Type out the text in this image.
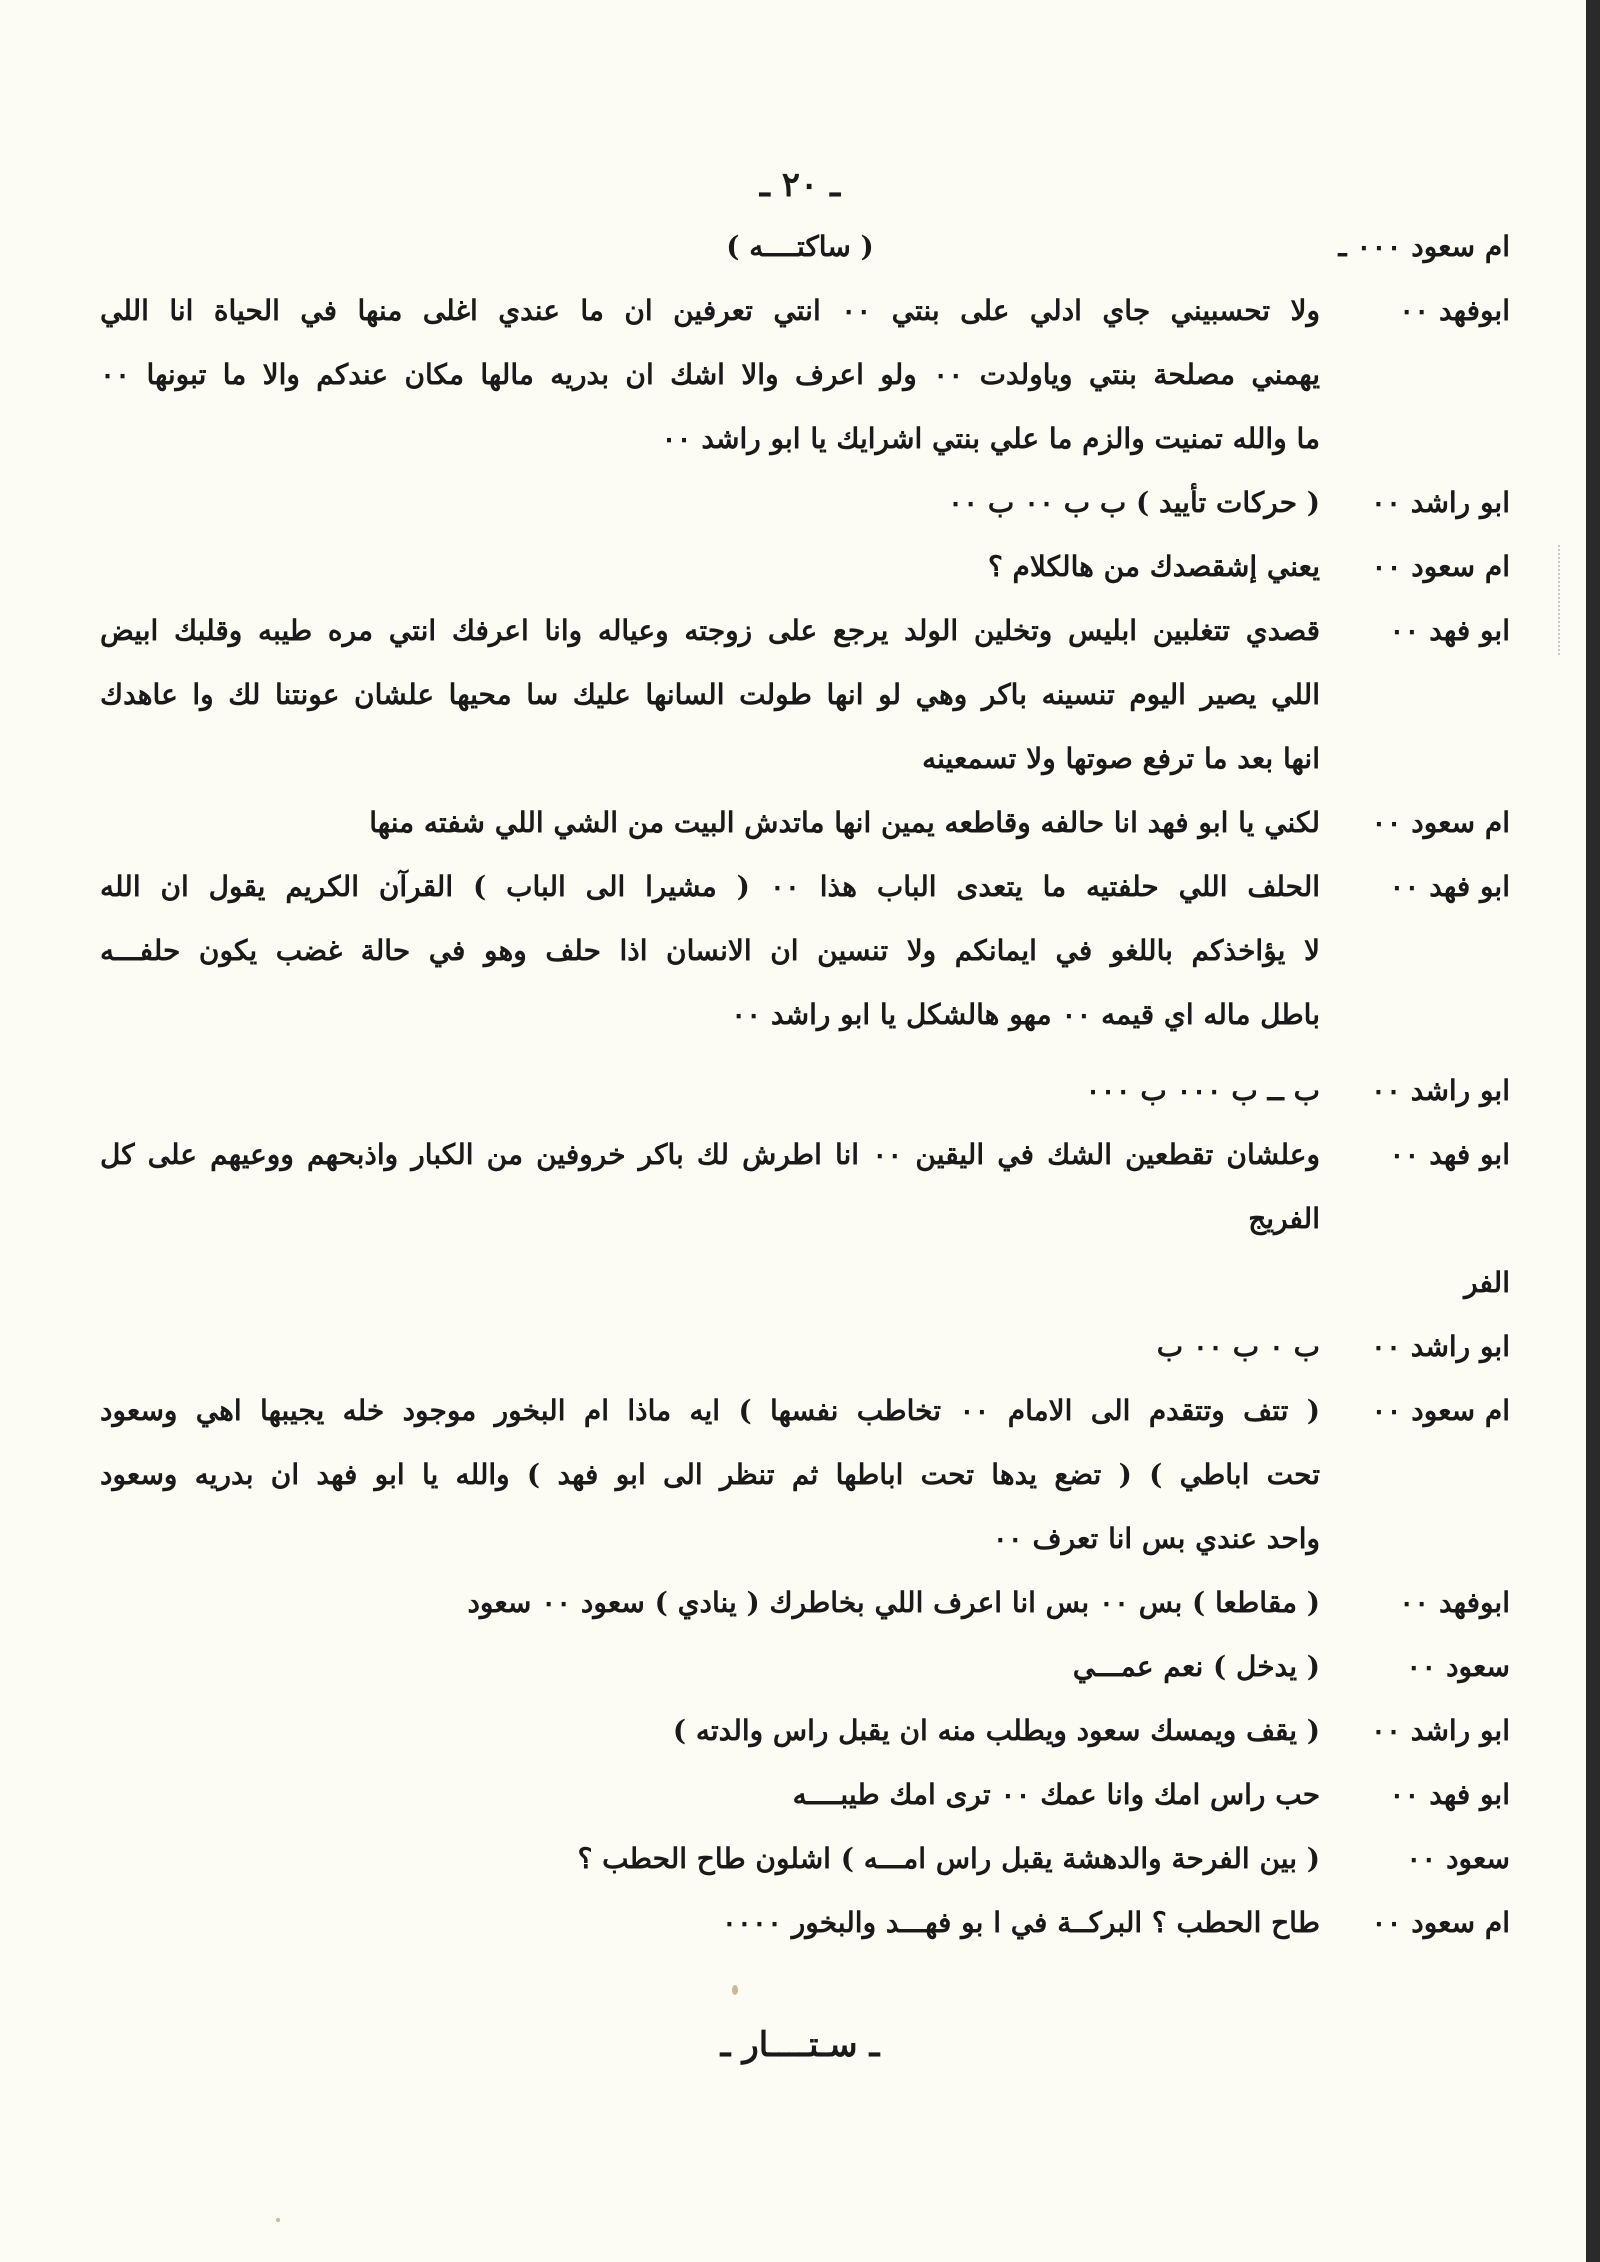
ـ ٢٠ ـ
ام سعود ٠٠٠ ـ
( ساكتــــه )
ابوفهد ٠٠
ولا تحسبيني جاي ادلي على بنتي ٠٠ انتي تعرفين ان ما عندي اغلى منها في الحياة انا اللي
يهمني مصلحة بنتي وياولدت ٠٠ ولو اعرف والا اشك ان بدريه مالها مكان عندكم والا ما تبونها ٠٠
ما والله تمنيت والزم ما علي بنتي اشرايك يا ابو راشد ٠٠
ابو راشد ٠٠
( حركات تأييد ) ب ب ٠٠ ب ٠٠
ام سعود ٠٠
يعني إشقصدك من هالكلام ؟
ابو فهد ٠٠
قصدي تتغلبين ابليس وتخلين الولد يرجع على زوجته وعياله وانا اعرفك انتي مره طيبه وقلبك ابيض
اللي يصير اليوم تنسينه باكر وهي لو انها طولت السانها عليك سا محيها علشان عونتنا لك وا عاهدك
انها بعد ما ترفع صوتها ولا تسمعينه
ام سعود ٠٠
لكني يا ابو فهد انا حالفه وقاطعه يمين انها ماتدش البيت من الشي اللي شفته منها
ابو فهد ٠٠
الحلف اللي حلفتيه ما يتعدى الباب هذا ٠٠ ( مشيرا الى الباب ) القرآن الكريم يقول ان الله
لا يؤاخذكم باللغو في ايمانكم ولا تنسين ان الانسان اذا حلف وهو في حالة غضب يكون حلفـــه
باطل ماله اي قيمه ٠٠ مهو هالشكل يا ابو راشد ٠٠
ابو راشد ٠٠
ب ــ ب ٠٠٠ ب ٠٠٠
ابو فهد ٠٠
وعلشان تقطعين الشك في اليقين ٠٠ انا اطرش لك باكر خروفين من الكبار واذبحهم ووعيهم على كل
الفريج
الفر
ابو راشد ٠٠
ب ٠ ب ٠٠ ب
ام سعود ٠٠
( تتف وتتقدم الى الامام ٠٠ تخاطب نفسها ) ايه ماذا ام البخور موجود خله يجيبها اهي وسعود
تحت اباطي ) ( تضع يدها تحت اباطها ثم تنظر الى ابو فهد ) والله يا ابو فهد ان بدريه وسعود
واحد عندي بس انا تعرف ٠٠
ابوفهد ٠٠
( مقاطعا ) بس ٠٠ بس انا اعرف اللي بخاطرك ( ينادي ) سعود ٠٠ سعود
سعود ٠٠
( يدخل ) نعم عمـــي
ابو راشد ٠٠
( يقف ويمسك سعود ويطلب منه ان يقبل راس والدته )
ابو فهد ٠٠
حب راس امك وانا عمك ٠٠ ترى امك طيبــــه
سعود ٠٠
( بين الفرحة والدهشة يقبل راس امـــه ) اشلون طاح الحطب ؟
ام سعود ٠٠
طاح الحطب ؟ البركــة في ا بو فهـــد والبخور ٠٠٠٠
ـ سـتــــار ـ
